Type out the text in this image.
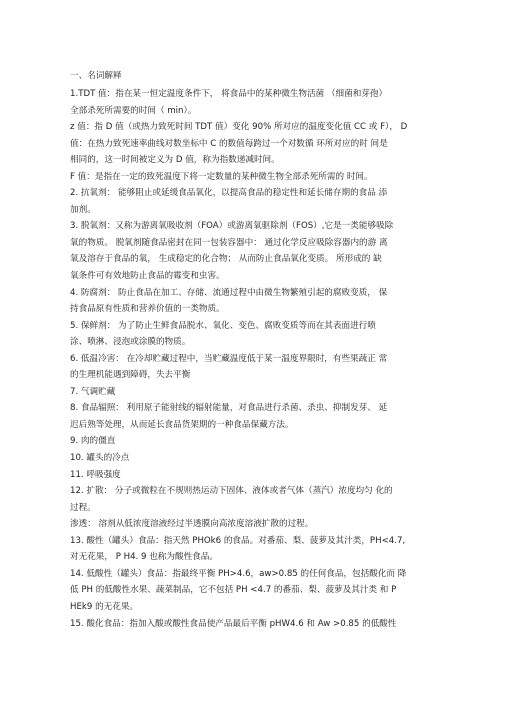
一、名词解释
1.TDT 值：指在某一恒定温度条件下， 将食品中的某种微生物活菌 （细菌和芽孢）
全部杀死所需要的时间（ min）。
z 值：指 D 值（或热力致死时间 TDT 值）变化 90% 所对应的温度变化值 CC 或 F）， D
值：在热力致死速率曲线对数坐标中 C 的数值每跨过一个对数循 环所对应的时 间是
相同的，这一时间被定义为 D 值，称为指数递减时间。
F 值：是指在一定的致死温度下将一定数量的某种微生物全部杀死所需的 时间。
2. 抗氧剂： 能够阻止或延缓食品氧化，以提高食品的稳定性和延长储存期的食品 添
加剂。
3. 脱氧剂：又称为游离氧吸收剂（FOA）或游离氧驱除剂（FOS）,它是一类能够吸除
氧的物质。 脱氧剂随食品密封在同一包装容器中： 通过化学反应吸除容器内的游 离
氧及溶存于食品的氧， 生成稳定的化合物； 从而防止食品氧化变质。 所形成的 缺
氧条件可有效地防止食品的霉变和虫害。
4. 防腐剂： 防止食品在加工、存储、流通过程中由微生物繁殖引起的腐败变质， 保
持食品原有性质和营养价值的一类物质。
5. 保鲜剂： 为了防止生鲜食品脱水、氧化、变色、腐败变质等而在其表面进行喷
涂、喷淋、浸泡或涂膜的物质。
6. 低温冷害： 在冷却贮藏过程中，当贮藏温度低于某一温度界限时，有些果蔬正 常
的生理机能遇到障碍，失去平衡
7. 气调贮藏
8. 食品辐照： 利用原子能射线的辐射能量，对食品进行杀菌、杀虫、抑制发芽、 延
迟后熟等处理，从而延长食品货架期的一种食品保藏方法。
9. 肉的僵直
10. 罐头的冷点
11. 呼吸强度
12. 扩散： 分子或微粒在不规则热运动下固体、液体或者气体（蒸汽）浓度均匀 化的
过程。
渗透： 溶剂从低浓度溶液经过半透膜向高浓度溶液扩散的过程。
13. 酸性（罐头）食品：指天然 PHOk6 的食品。对番茄、梨、菠萝及其汁类，PH<4.7,
对无花果， P H4. 9 也称为酸性食品。
14. 低酸性（罐头）食品：指最终平衡 PH>4.6，aw>0.85 的任何食品，包括酸化而 降
低 PH 的低酸性水果、蔬菜制品，它不包括 PH <4.7 的番茄、梨、菠萝及其汁类 和 P
HEk9 的无花果。
15. 酸化食品：指加入酸或酸性食品使产品最后平衡 pHW4.6 和 Aw >0.85 的低酸性
